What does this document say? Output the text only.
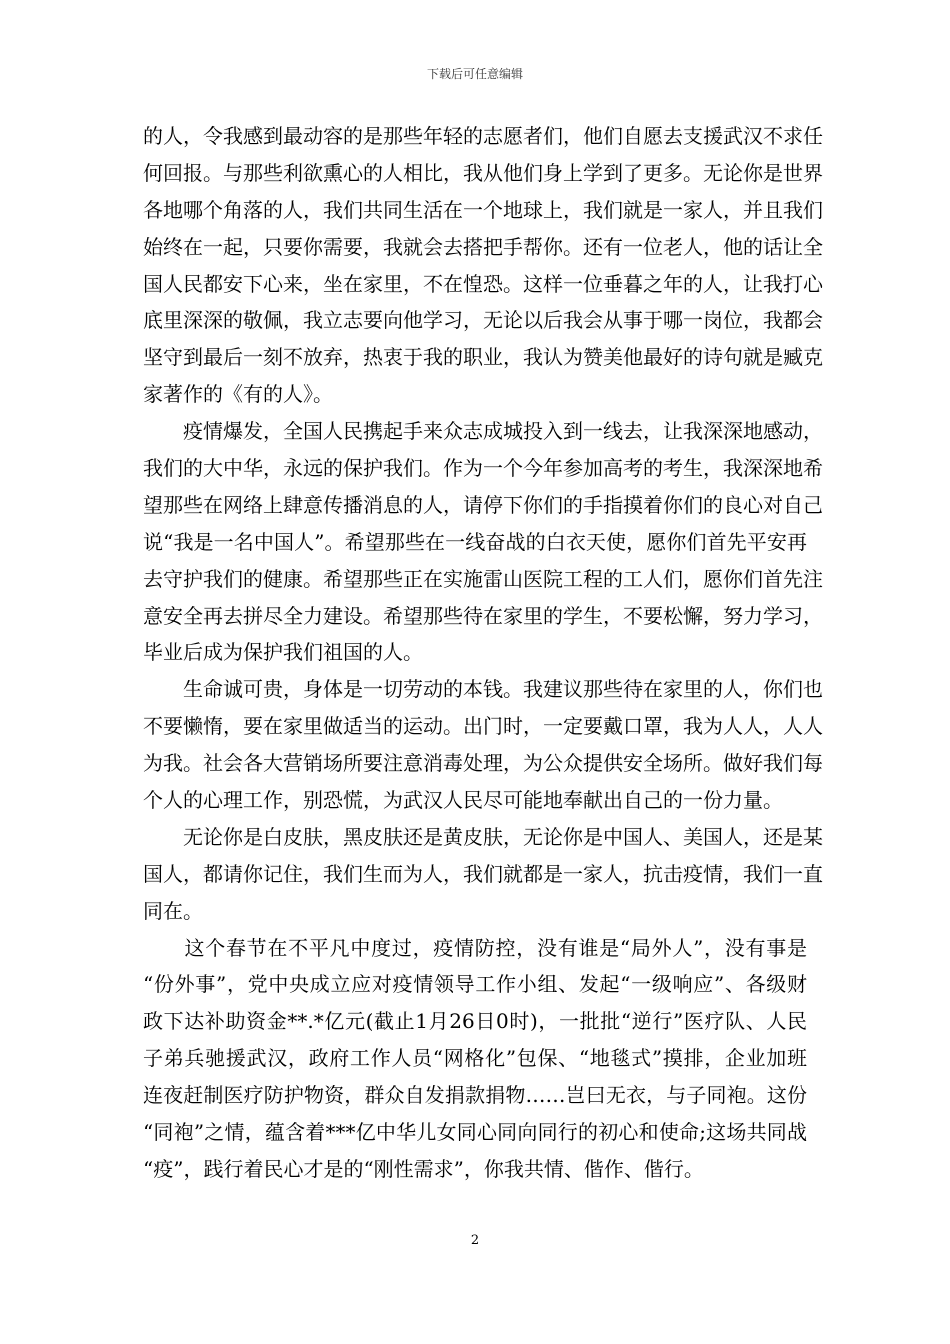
下载后可任意编辑
的人，令我感到最动容的是那些年轻的志愿者们，他们自愿去支援武汉不求任
何回报。与那些利欲熏心的人相比，我从他们身上学到了更多。无论你是世界
各地哪个角落的人，我们共同生活在一个地球上，我们就是一家人，并且我们
始终在一起，只要你需要，我就会去搭把手帮你。还有一位老人，他的话让全
国人民都安下心来，坐在家里，不在惶恐。这样一位垂暮之年的人，让我打心
底里深深的敬佩，我立志要向他学习，无论以后我会从事于哪一岗位，我都会
坚守到最后一刻不放弃，热衷于我的职业，我认为赞美他最好的诗句就是臧克
家著作的《有的人》。
　　疫情爆发，全国人民携起手来众志成城投入到一线去，让我深深地感动，
我们的大中华，永远的保护我们。作为一个今年参加高考的考生，我深深地希
望那些在网络上肆意传播消息的人，请停下你们的手指摸着你们的良心对自己
说“我是一名中国人”。希望那些在一线奋战的白衣天使，愿你们首先平安再
去守护我们的健康。希望那些正在实施雷山医院工程的工人们，愿你们首先注
意安全再去拼尽全力建设。希望那些待在家里的学生，不要松懈，努力学习，
毕业后成为保护我们祖国的人。
　　生命诚可贵，身体是一切劳动的本钱。我建议那些待在家里的人，你们也
不要懒惰，要在家里做适当的运动。出门时，一定要戴口罩，我为人人，人人
为我。社会各大营销场所要注意消毒处理，为公众提供安全场所。做好我们每
个人的心理工作，别恐慌，为武汉人民尽可能地奉献出自己的一份力量。
　　无论你是白皮肤，黑皮肤还是黄皮肤，无论你是中国人、美国人，还是某
国人，都请你记住，我们生而为人，我们就都是一家人，抗击疫情，我们一直
同在。
　　这个春节在不平凡中度过，疫情防控，没有谁是“局外人”，没有事是
“份外事”，党中央成立应对疫情领导工作小组、发起“一级响应”、各级财
政下达补助资金**.*亿元(截止1月26日0时)，一批批“逆行”医疗队、人民
子弟兵驰援武汉，政府工作人员“网格化”包保、“地毯式”摸排，企业加班
连夜赶制医疗防护物资，群众自发捐款捐物……岂曰无衣，与子同袍。这份
“同袍”之情，蕴含着***亿中华儿女同心同向同行的初心和使命;这场共同战
“疫”，践行着民心才是的“刚性需求”，你我共情、偕作、偕行。
2
